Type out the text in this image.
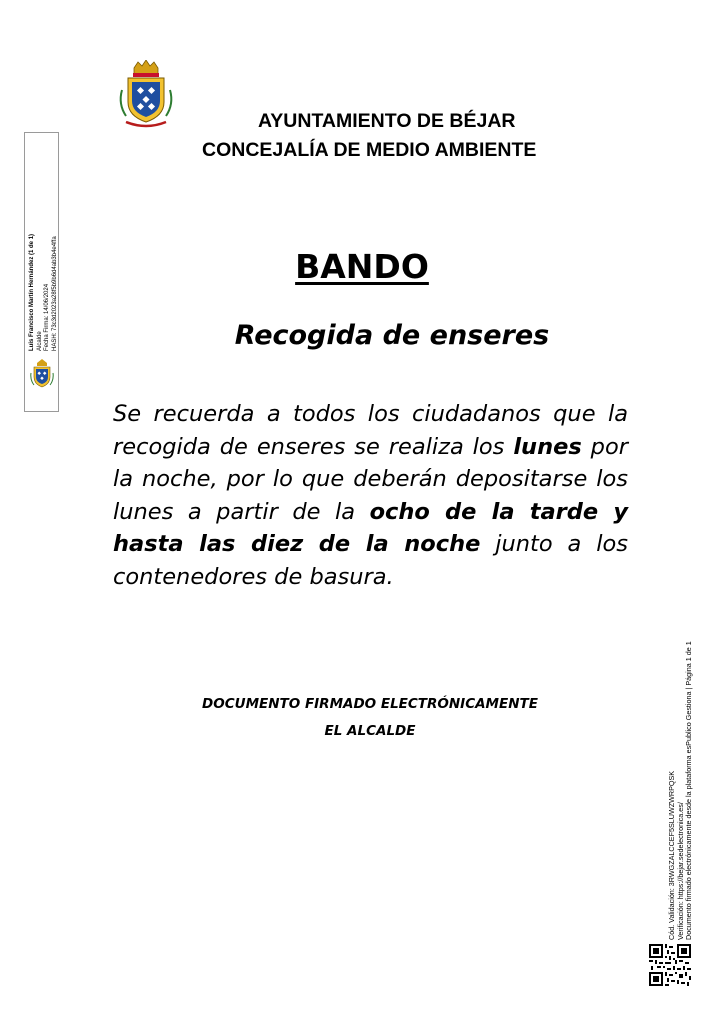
AYUNTAMIENTO DE BÉJAR
CONCEJALÍA DE MEDIO AMBIENTE
BANDO
Recogida de enseres

Se recuerda a todos los ciudadanos que la recogida de enseres se realiza los lunes por la noche, por lo que deberán depositarse los lunes a partir de la ocho de la tarde y hasta las diez de la noche junto a los contenedores de basura.

DOCUMENTO FIRMADO ELECTRÓNICAMENTE

EL ALCALDE

Luis Francisco Martín Hernández (1 de 1) Alcalde Fecha Firma: 14/06/2024 HASH: 73c3d2023a28f5b9b6d4ab3b4e4ffa
Cód. Validación: 3RWGZALCCEF5SLUWZWRPQSK Verificación: https://bejar.sedelectronica.es/ Documento firmado electrónicamente desde la plataforma esPublico Gestiona | Página 1 de 1
